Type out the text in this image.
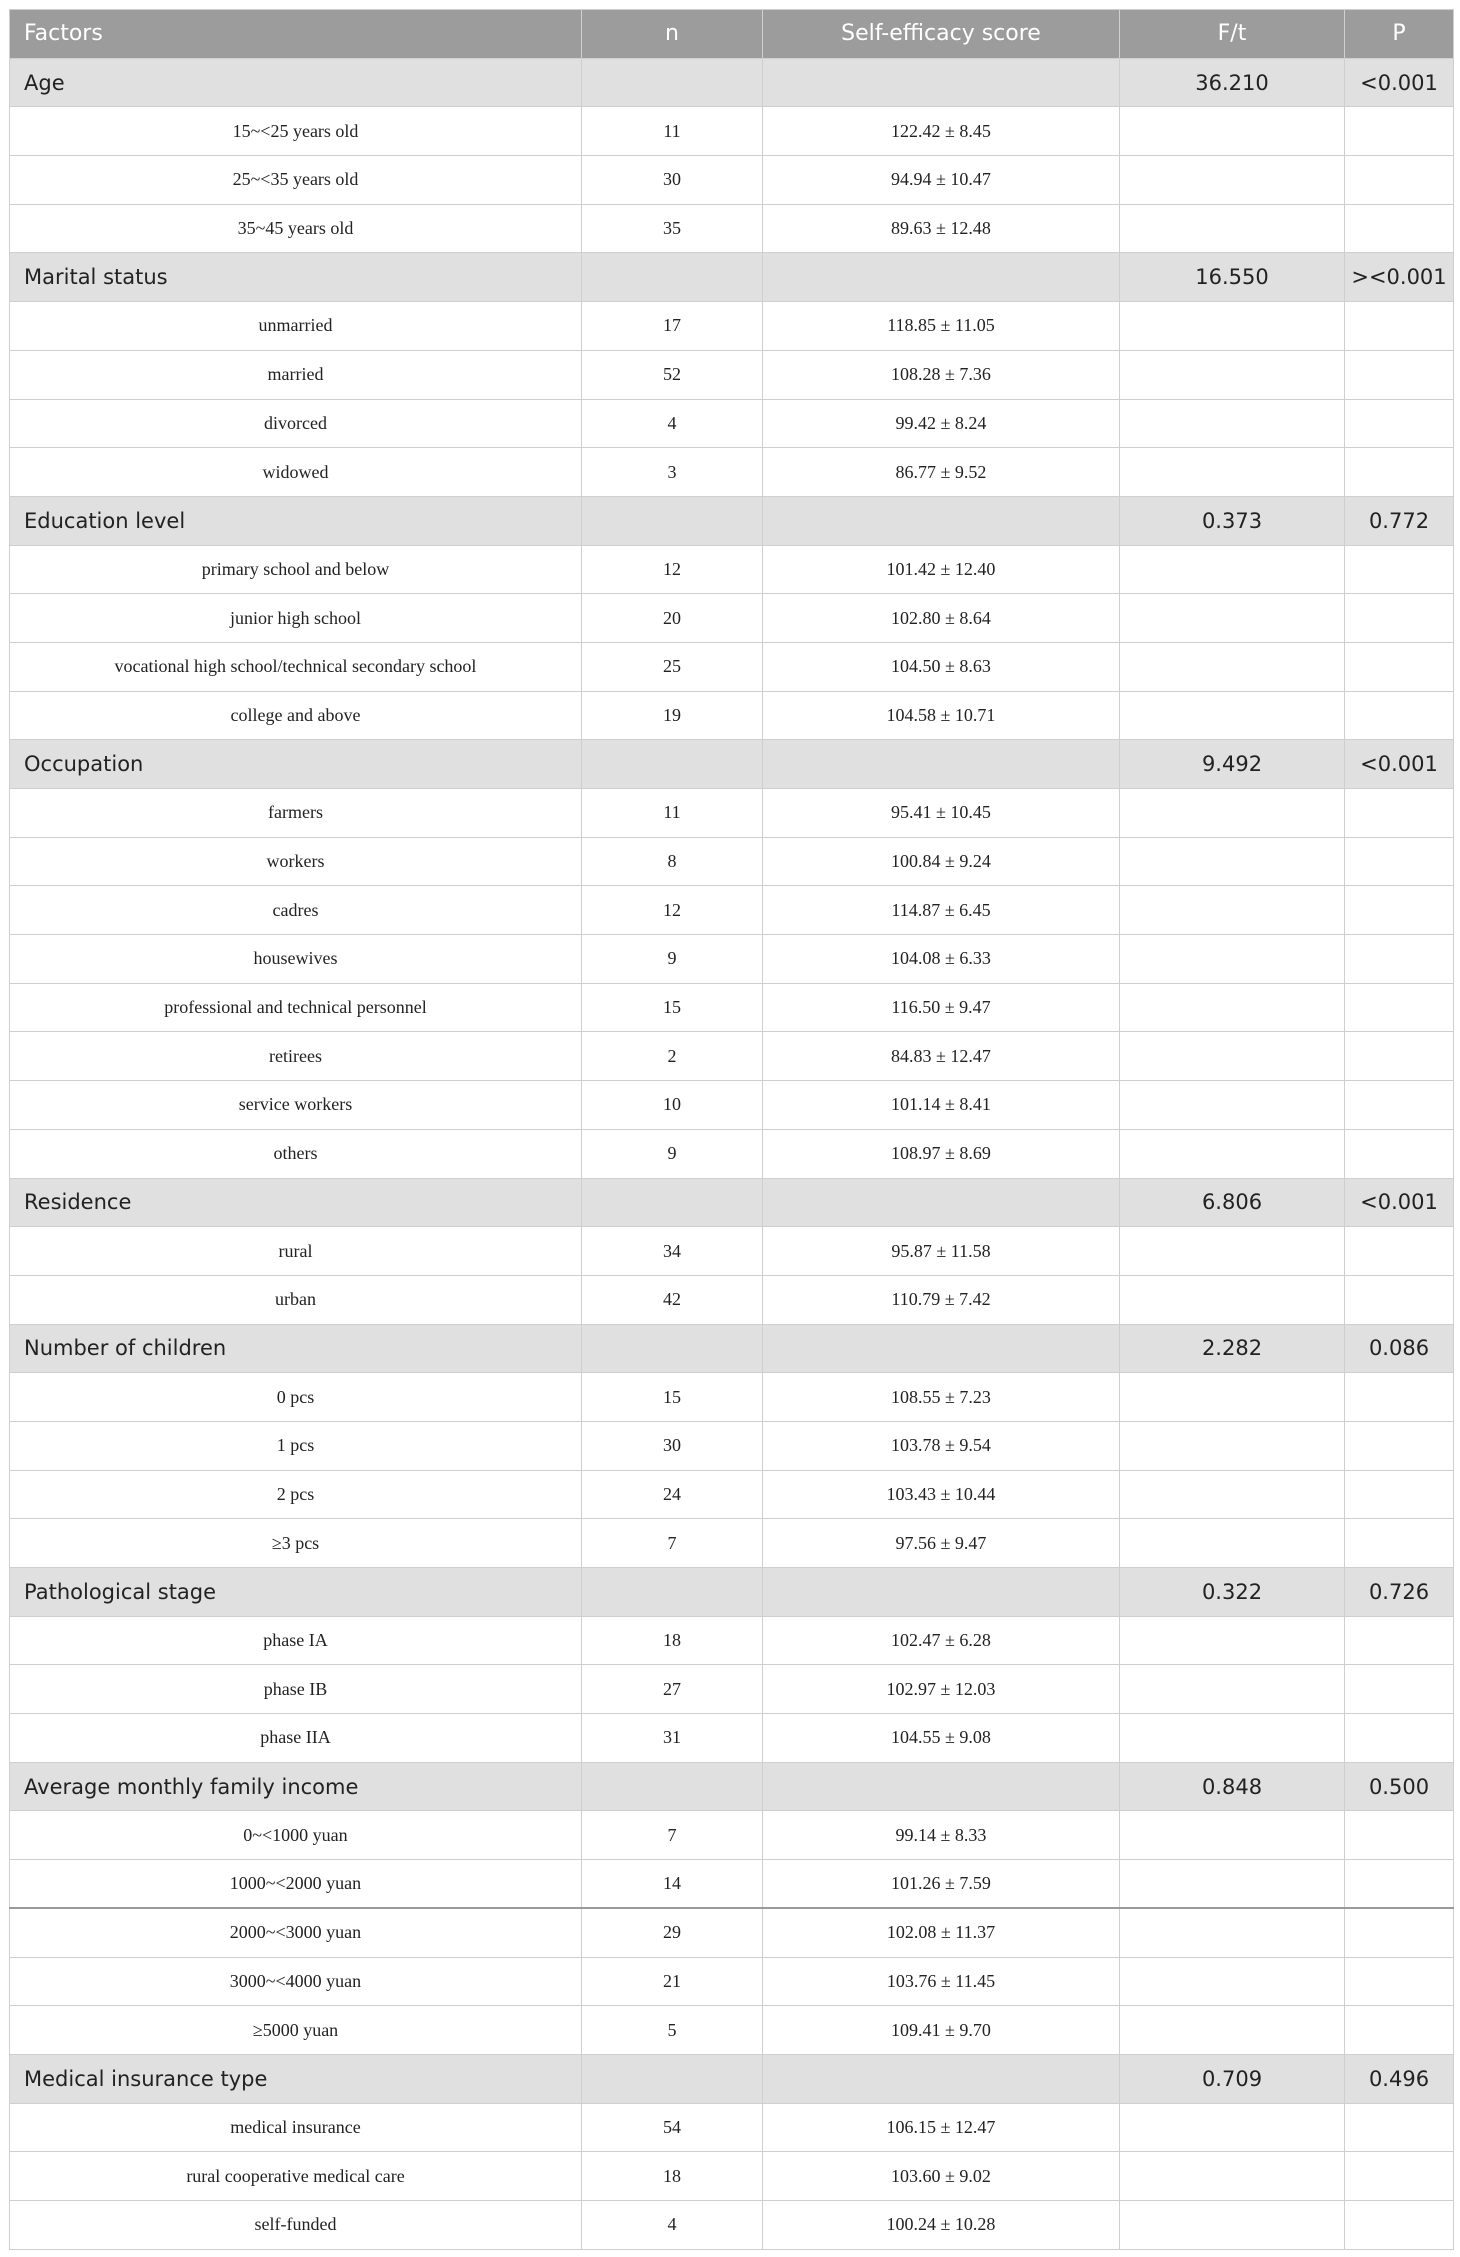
Factors	n	Self-efficacy score	F/t	P
Age			36.210	<0.001
15~<25 years old	11	122.42 ± 8.45		
25~<35 years old	30	94.94 ± 10.47		
35~45 years old	35	89.63 ± 12.48		
Marital status			16.550	><0.001
unmarried	17	118.85 ± 11.05		
married	52	108.28 ± 7.36		
divorced	4	99.42 ± 8.24		
widowed	3	86.77 ± 9.52		
Education level			0.373	0.772
primary school and below	12	101.42 ± 12.40		
junior high school	20	102.80 ± 8.64		
vocational high school/technical secondary school	25	104.50 ± 8.63		
college and above	19	104.58 ± 10.71		
Occupation			9.492	<0.001
farmers	11	95.41 ± 10.45		
workers	8	100.84 ± 9.24		
cadres	12	114.87 ± 6.45		
housewives	9	104.08 ± 6.33		
professional and technical personnel	15	116.50 ± 9.47		
retirees	2	84.83 ± 12.47		
service workers	10	101.14 ± 8.41		
others	9	108.97 ± 8.69		
Residence			6.806	<0.001
rural	34	95.87 ± 11.58		
urban	42	110.79 ± 7.42		
Number of children			2.282	0.086
0 pcs	15	108.55 ± 7.23		
1 pcs	30	103.78 ± 9.54		
2 pcs	24	103.43 ± 10.44		
≥3 pcs	7	97.56 ± 9.47		
Pathological stage			0.322	0.726
phase IA	18	102.47 ± 6.28		
phase IB	27	102.97 ± 12.03		
phase IIA	31	104.55 ± 9.08		
Average monthly family income			0.848	0.500
0~<1000 yuan	7	99.14 ± 8.33		
1000~<2000 yuan	14	101.26 ± 7.59		
2000~<3000 yuan	29	102.08 ± 11.37		
3000~<4000 yuan	21	103.76 ± 11.45		
≥5000 yuan	5	109.41 ± 9.70		
Medical insurance type			0.709	0.496
medical insurance	54	106.15 ± 12.47		
rural cooperative medical care	18	103.60 ± 9.02		
self-funded	4	100.24 ± 10.28		
